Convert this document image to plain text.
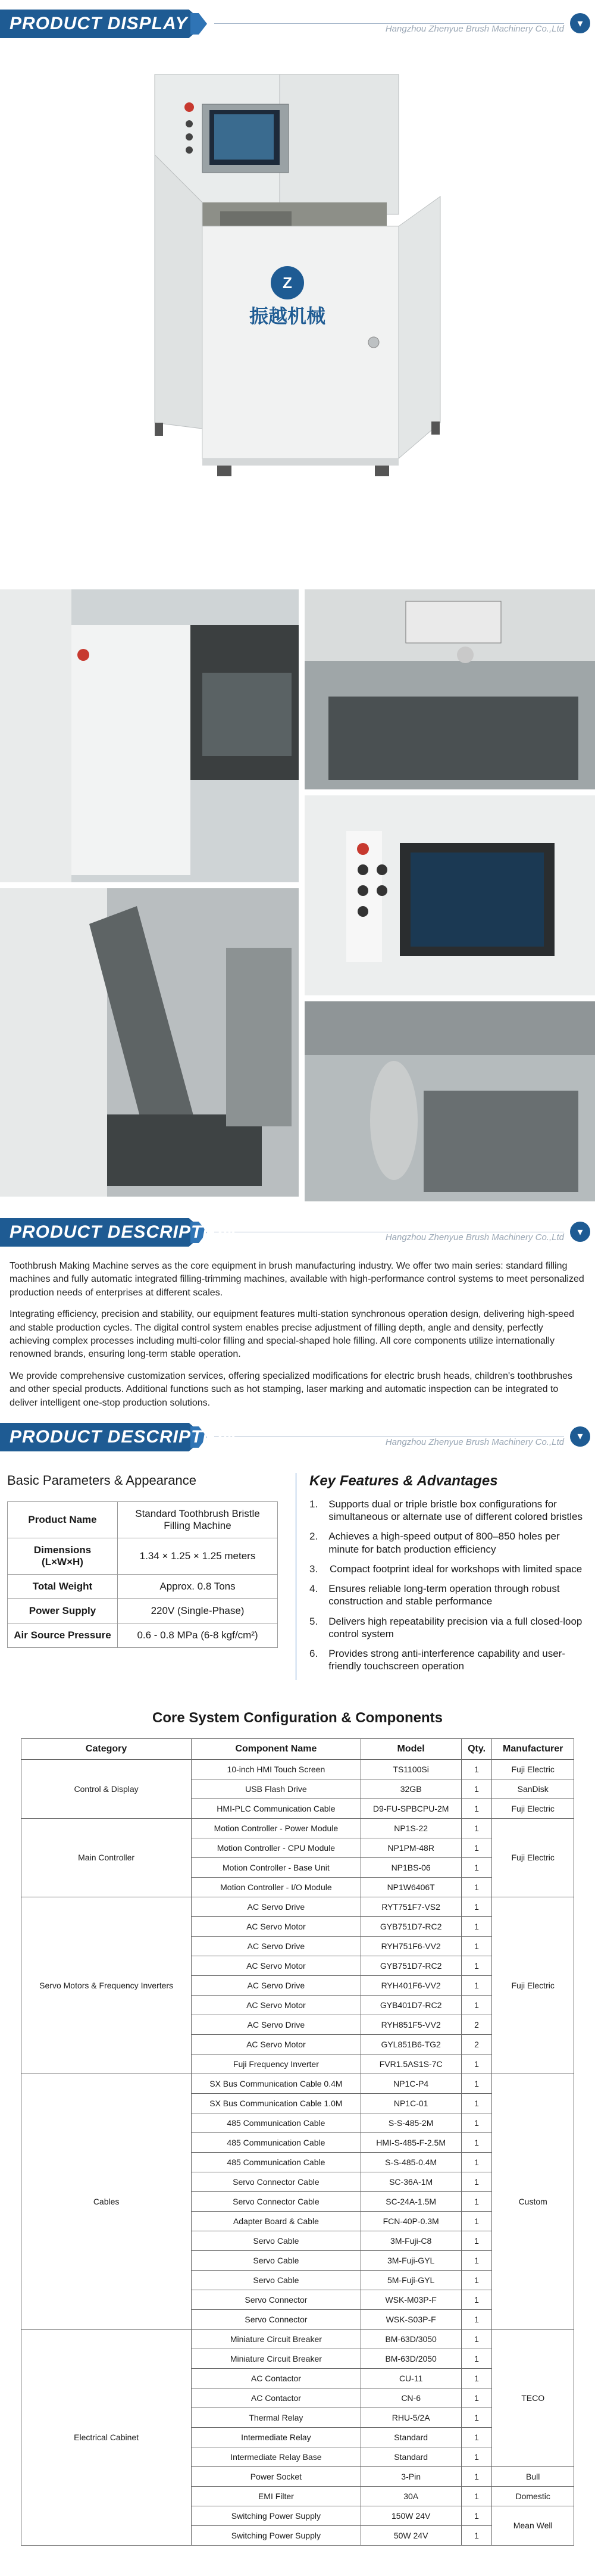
PRODUCT DISPLAY	Hangzhou Zhenyue Brush Machinery Co.,Ltd	▾
Z
振越机械
PRODUCT DESCRIPTION	Hangzhou Zhenyue Brush Machinery Co.,Ltd	▾

Toothbrush Making Machine serves as the core equipment in brush manufacturing industry. We offer two main series: standard filling machines and fully automatic integrated filling-trimming machines, available with high-performance control systems to meet personalized production needs of enterprises at different scales.

Integrating efficiency, precision and stability, our equipment features multi-station synchronous operation design, delivering high-speed and stable production cycles. The digital control system enables precise adjustment of filling depth, angle and density, perfectly achieving complex processes including multi-color filling and special-shaped hole filling. All core components utilize internationally renowned brands, ensuring long-term stable operation.

We provide comprehensive customization services, offering specialized modifications for electric brush heads, children's toothbrushes and other special products. Additional functions such as hot stamping, laser marking and automatic inspection can be integrated to deliver intelligent one-stop production solutions.

PRODUCT DESCRIPTION	Hangzhou Zhenyue Brush Machinery Co.,Ltd	▾
Basic Parameters & Appearance
Product Name	Standard Toothbrush Bristle Filling Machine
Dimensions (L×W×H)	1.34 × 1.25 × 1.25 meters
Total Weight	Approx. 0.8 Tons
Power Supply	220V (Single-Phase)
Air Source Pressure	0.6 - 0.8 MPa (6-8 kgf/cm²)
Key Features & Advantages
1. Supports dual or triple bristle box configurations for simultaneous or alternate use of different colored bristles
2. Achieves a high-speed output of 800–850 holes per minute for batch production efficiency
3. Compact footprint ideal for workshops with limited space
4. Ensures reliable long-term operation through robust construction and stable performance
5. Delivers high repeatability precision via a full closed-loop control system
6. Provides strong anti-interference capability and user-friendly touchscreen operation
Core System Configuration & Components
Category	Component Name	Model	Qty.	Manufacturer
Control & Display	10-inch HMI Touch Screen	TS1100Si	1	Fuji Electric
	USB Flash Drive	32GB	1	SanDisk
	HMI-PLC Communication Cable	D9-FU-SPBCPU-2M	1	Fuji Electric
Main Controller	Motion Controller - Power Module	NP1S-22	1	Fuji Electric
	Motion Controller - CPU Module	NP1PM-48R	1	
	Motion Controller - Base Unit	NP1BS-06	1	
	Motion Controller - I/O Module	NP1W6406T	1	
Servo Motors & Frequency Inverters	AC Servo Drive	RYT751F7-VS2	1	Fuji Electric
	AC Servo Motor	GYB751D7-RC2	1	
	AC Servo Drive	RYH751F6-VV2	1	
	AC Servo Motor	GYB751D7-RC2	1	
	AC Servo Drive	RYH401F6-VV2	1	
	AC Servo Motor	GYB401D7-RC2	1	
	AC Servo Drive	RYH851F5-VV2	2	
	AC Servo Motor	GYL851B6-TG2	2	
	Fuji Frequency Inverter	FVR1.5AS1S-7C	1	
Cables	SX Bus Communication Cable 0.4M	NP1C-P4	1	Custom
	SX Bus Communication Cable 1.0M	NP1C-01	1	
	485 Communication Cable	S-S-485-2M	1	
	485 Communication Cable	HMI-S-485-F-2.5M	1	
	485 Communication Cable	S-S-485-0.4M	1	
	Servo Connector Cable	SC-36A-1M	1	
	Servo Connector Cable	SC-24A-1.5M	1	
	Adapter Board & Cable	FCN-40P-0.3M	1	
	Servo Cable	3M-Fuji-C8	1	
	Servo Cable	3M-Fuji-GYL	1	
	Servo Cable	5M-Fuji-GYL	1	
	Servo Connector	WSK-M03P-F	1	
	Servo Connector	WSK-S03P-F	1	
Electrical Cabinet	Miniature Circuit Breaker	BM-63D/3050	1	TECO
	Miniature Circuit Breaker	BM-63D/2050	1	
	AC Contactor	CU-11	1	
	AC Contactor	CN-6	1	
	Thermal Relay	RHU-5/2A	1	
	Intermediate Relay	Standard	1	
	Intermediate Relay Base	Standard	1	
	Power Socket	3-Pin	1	Bull
	EMI Filter	30A	1	Domestic
	Switching Power Supply	150W 24V	1	Mean Well
	Switching Power Supply	50W 24V	1	
